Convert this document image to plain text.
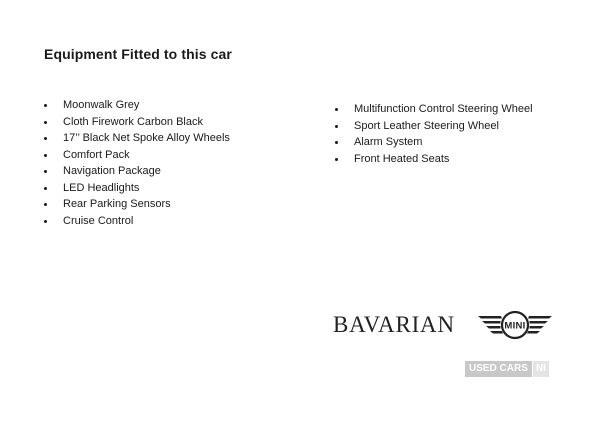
Equipment Fitted to this car
Moonwalk Grey
Cloth Firework Carbon Black
17’’ Black Net Spoke Alloy Wheels
Comfort Pack
Navigation Package
LED Headlights
Rear Parking Sensors
Cruise Control
Multifunction Control Steering Wheel
Sport Leather Steering Wheel
Alarm System
Front Heated Seats
BAVARIAN	MINI
USED CARS NI
